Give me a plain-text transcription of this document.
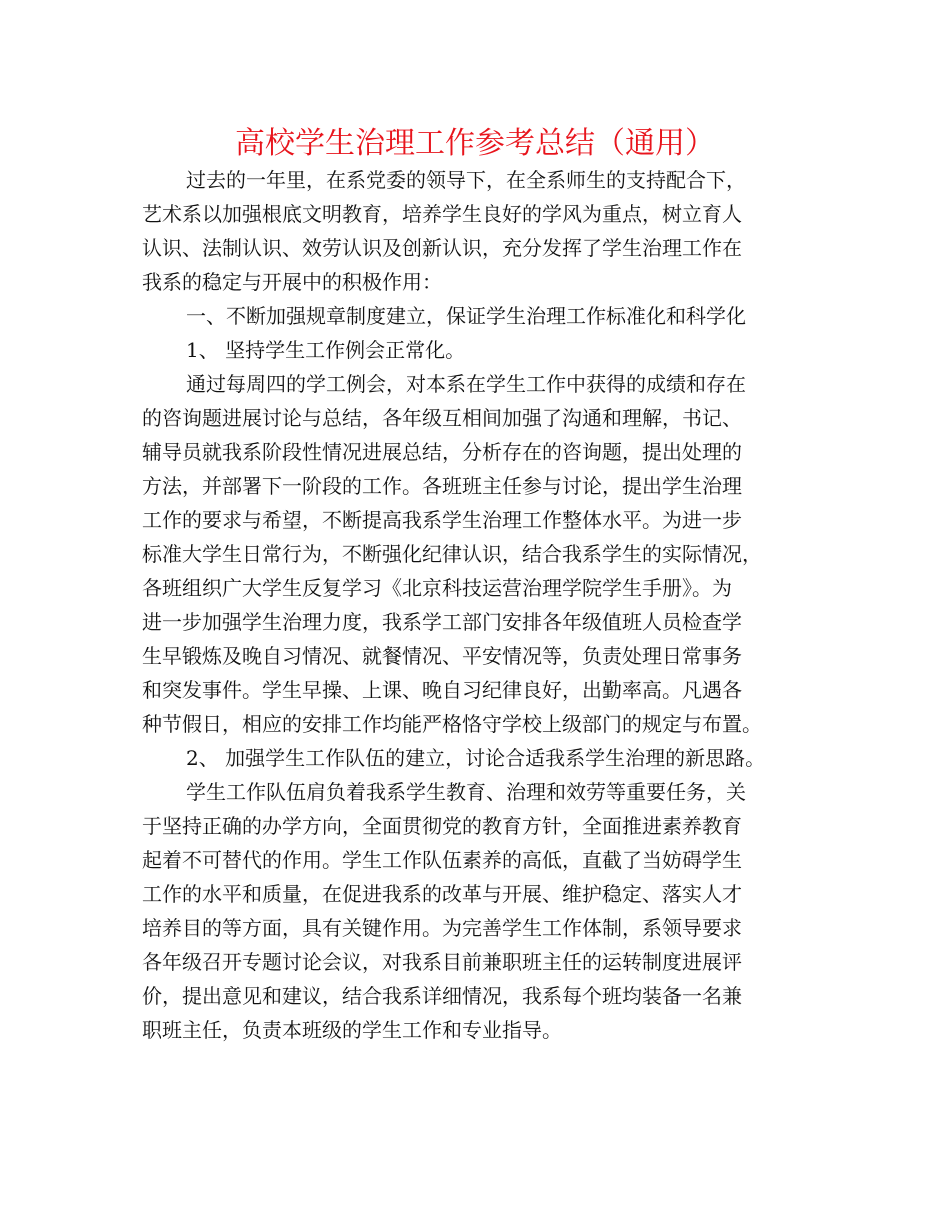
高校学生治理工作参考总结（通用）
过去的一年里，在系党委的领导下，在全系师生的支持配合下，
艺术系以加强根底文明教育，培养学生良好的学风为重点，树立育人
认识、法制认识、效劳认识及创新认识，充分发挥了学生治理工作在
我系的稳定与开展中的积极作用：
一、不断加强规章制度建立，保证学生治理工作标准化和科学化
1、 坚持学生工作例会正常化。
通过每周四的学工例会，对本系在学生工作中获得的成绩和存在
的咨询题进展讨论与总结，各年级互相间加强了沟通和理解，书记、
辅导员就我系阶段性情况进展总结，分析存在的咨询题，提出处理的
方法，并部署下一阶段的工作。各班班主任参与讨论，提出学生治理
工作的要求与希望，不断提高我系学生治理工作整体水平。为进一步
标准大学生日常行为，不断强化纪律认识，结合我系学生的实际情况，
各班组织广大学生反复学习《北京科技运营治理学院学生手册》。为
进一步加强学生治理力度，我系学工部门安排各年级值班人员检查学
生早锻炼及晚自习情况、就餐情况、平安情况等，负责处理日常事务
和突发事件。学生早操、上课、晚自习纪律良好，出勤率高。凡遇各
种节假日，相应的安排工作均能严格恪守学校上级部门的规定与布置。
2、 加强学生工作队伍的建立，讨论合适我系学生治理的新思路。
学生工作队伍肩负着我系学生教育、治理和效劳等重要任务，关
于坚持正确的办学方向，全面贯彻党的教育方针，全面推进素养教育
起着不可替代的作用。学生工作队伍素养的高低，直截了当妨碍学生
工作的水平和质量，在促进我系的改革与开展、维护稳定、落实人才
培养目的等方面，具有关键作用。为完善学生工作体制，系领导要求
各年级召开专题讨论会议，对我系目前兼职班主任的运转制度进展评
价，提出意见和建议，结合我系详细情况，我系每个班均装备一名兼
职班主任，负责本班级的学生工作和专业指导。
